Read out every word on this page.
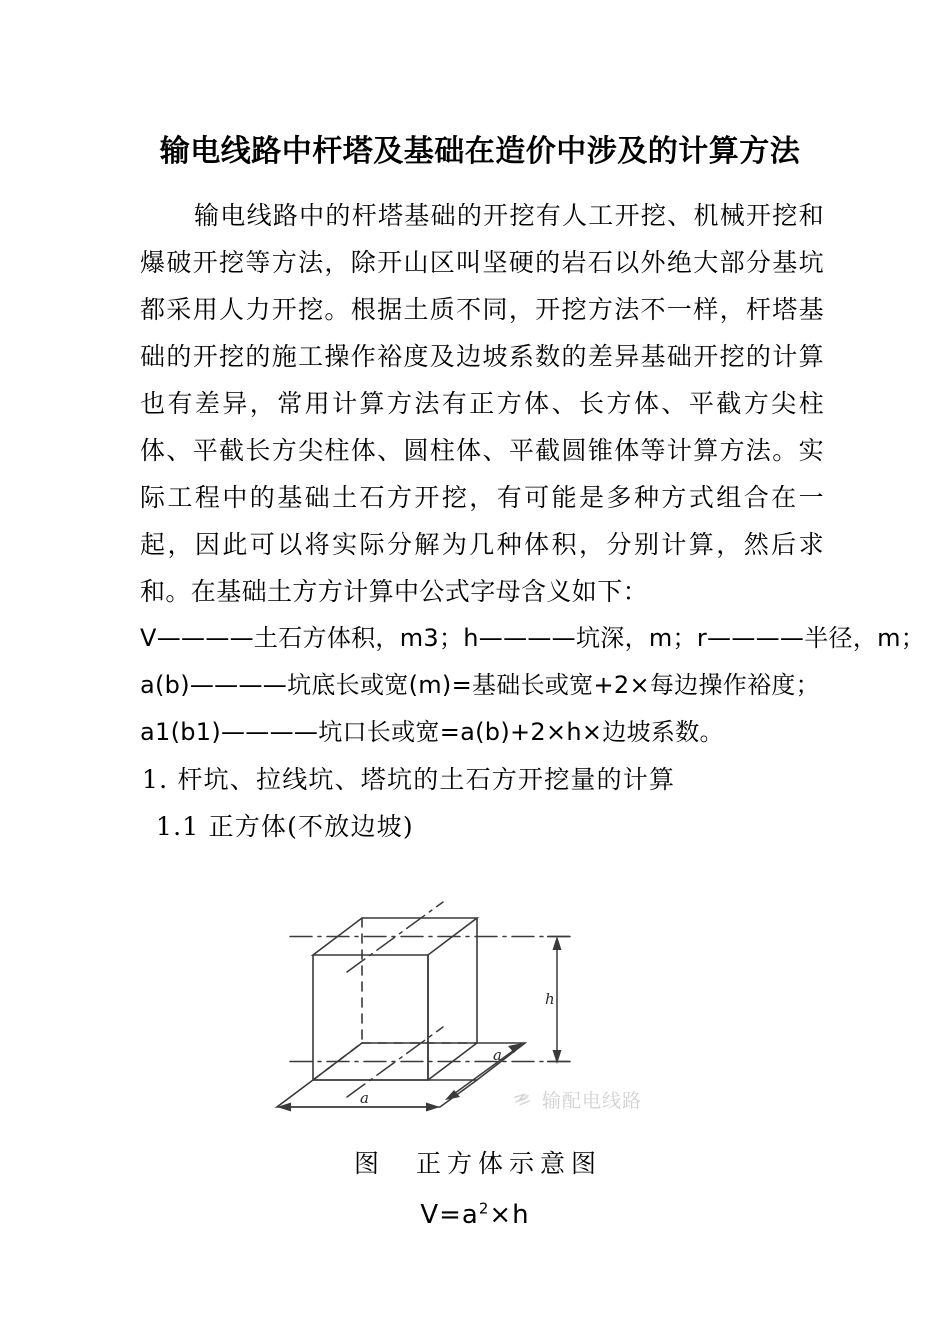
输电线路中杆塔及基础在造价中涉及的计算方法

输电线路中的杆塔基础的开挖有人工开挖、机械开挖和爆破开挖等方法，除开山区叫坚硬的岩石以外绝大部分基坑都采用人力开挖。根据土质不同，开挖方法不一样，杆塔基础的开挖的施工操作裕度及边坡系数的差异基础开挖的计算也有差异，常用计算方法有正方体、长方体、平截方尖柱体、平截长方尖柱体、圆柱体、平截圆锥体等计算方法。实际工程中的基础土石方开挖，有可能是多种方式组合在一起，因此可以将实际分解为几种体积，分别计算，然后求和。在基础土方方计算中公式字母含义如下：

V————土石方体积，m3；h————坑深，m；r————半径，m；

a(b)————坑底长或宽(m)=基础长或宽+2×每边操作裕度；

a1(b1)————坑口长或宽=a(b)+2×h×边坡系数。

1. 杆坑、拉线坑、塔坑的土石方开挖量的计算

1.1 正方体(不放边坡)

a
a
h
图　正方体示意图
$V=a^2\times h$
输配电线路
